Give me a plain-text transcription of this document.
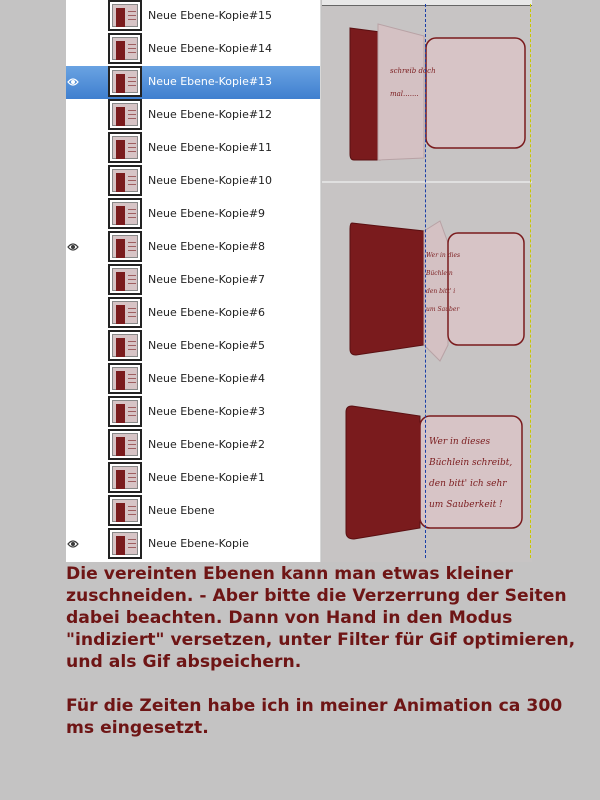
Neue Ebene-Kopie#15
Neue Ebene-Kopie#14
Neue Ebene-Kopie#13
Neue Ebene-Kopie#12
Neue Ebene-Kopie#11
Neue Ebene-Kopie#10
Neue Ebene-Kopie#9
Neue Ebene-Kopie#8
Neue Ebene-Kopie#7
Neue Ebene-Kopie#6
Neue Ebene-Kopie#5
Neue Ebene-Kopie#4
Neue Ebene-Kopie#3
Neue Ebene-Kopie#2
Neue Ebene-Kopie#1
Neue Ebene
Neue Ebene-Kopie
schreib doch mal.......
Wer in dies Büchlein den bitt' i um Sauber
Wer in dieses Büchlein schreibt, den bitt' ich sehr um Sauberkeit !

Die vereinten Ebenen kann man etwas kleiner zuschneiden. - Aber bitte die Verzerrung der Seiten dabei beachten. Dann von Hand in den Modus "indiziert" versetzen, unter Filter für Gif optimieren, und als Gif abspeichern.

Für die Zeiten habe ich in meiner Animation ca 300 ms eingesetzt.
